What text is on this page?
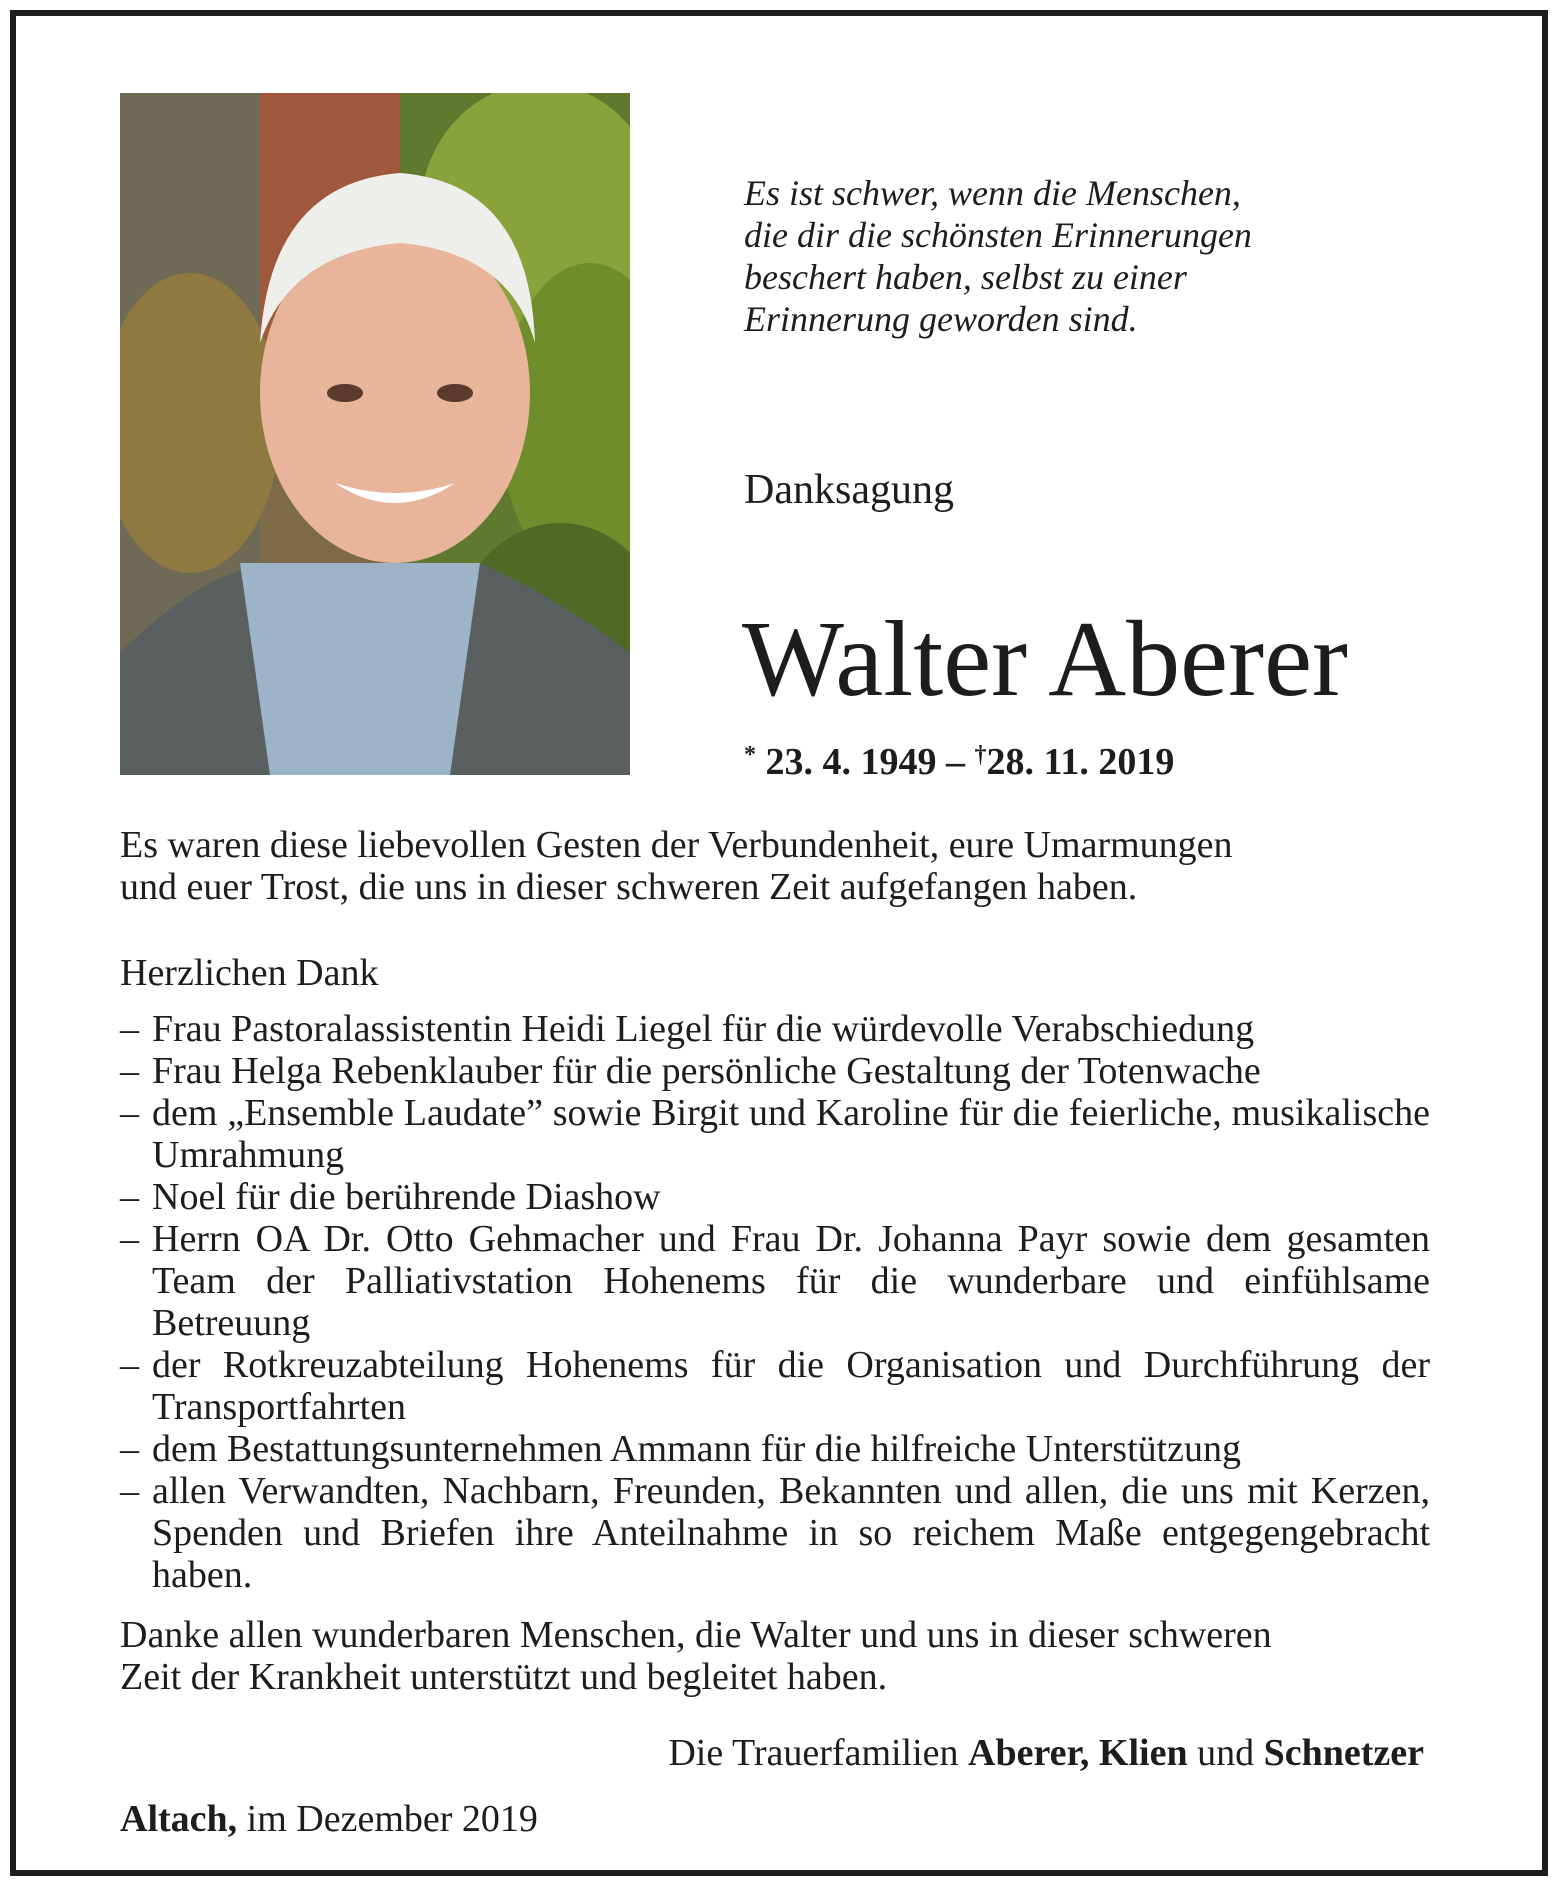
Es ist schwer, wenn die Menschen,
die dir die schönsten Erinnerungen
beschert haben, selbst zu einer
Erinnerung geworden sind.
Danksagung
Walter Aberer
* 23. 4. 1949 – †28. 11. 2019
Es waren diese liebevollen Gesten der Verbundenheit, eure Umarmungen
und euer Trost, die uns in dieser schweren Zeit aufgefangen haben.
Herzlichen Dank
– Frau Pastoralassistentin Heidi Liegel für die würdevolle Verabschiedung
– Frau Helga Rebenklauber für die persönliche Gestaltung der Totenwache
– dem „Ensemble Laudate” sowie Birgit und Karoline für die feierliche, musikalische Umrahmung
– Noel für die berührende Diashow
– Herrn OA Dr. Otto Gehmacher und Frau Dr. Johanna Payr sowie dem gesamten Team der Palliativstation Hohenems für die wunderbare und einfühlsame Betreuung
– der Rotkreuzabteilung Hohenems für die Organisation und Durchführung der Transportfahrten
– dem Bestattungsunternehmen Ammann für die hilfreiche Unterstützung
– allen Verwandten, Nachbarn, Freunden, Bekannten und allen, die uns mit Kerzen, Spenden und Briefen ihre Anteilnahme in so reichem Maße entgegengebracht haben.
Danke allen wunderbaren Menschen, die Walter und uns in dieser schweren
Zeit der Krankheit unterstützt und begleitet haben.
Die Trauerfamilien Aberer, Klien und Schnetzer
Altach, im Dezember 2019
